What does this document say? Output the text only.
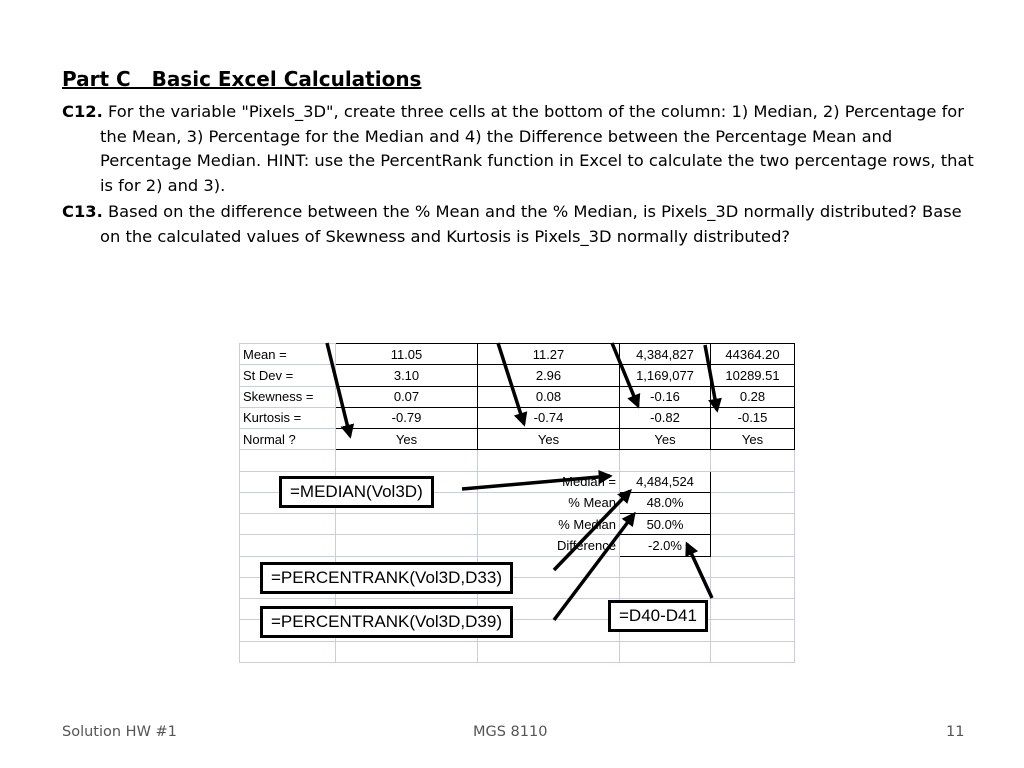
Part C   Basic Excel Calculations
C12. For the variable "Pixels_3D", create three cells at the bottom of the column: 1) Median, 2) Percentage for the Mean, 3) Percentage for the Median and 4) the Difference between the Percentage Mean and Percentage Median. HINT: use the PercentRank function in Excel to calculate the two percentage rows, that is for 2) and 3).
C13. Based on the difference between the % Mean and the % Median, is Pixels_3D normally distributed? Base on the calculated values of Skewness and Kurtosis is Pixels_3D normally distributed?
Mean =	11.05	11.27	4,384,827	44364.20
St Dev =	3.10	2.96	1,169,077	10289.51
Skewness =	0.07	0.08	-0.16	0.28
Kurtosis =	-0.79	-0.74	-0.82	-0.15
Normal ?	Yes	Yes	Yes	Yes

		Median =	4,484,524	
		% Mean	48.0%	
		% Median	50.0%	
		Difference	-2.0%	

=MEDIAN(Vol3D)
=PERCENTRANK(Vol3D,D33)
=PERCENTRANK(Vol3D,D39)	=D40-D41
Solution HW #1	MGS 8110	11
